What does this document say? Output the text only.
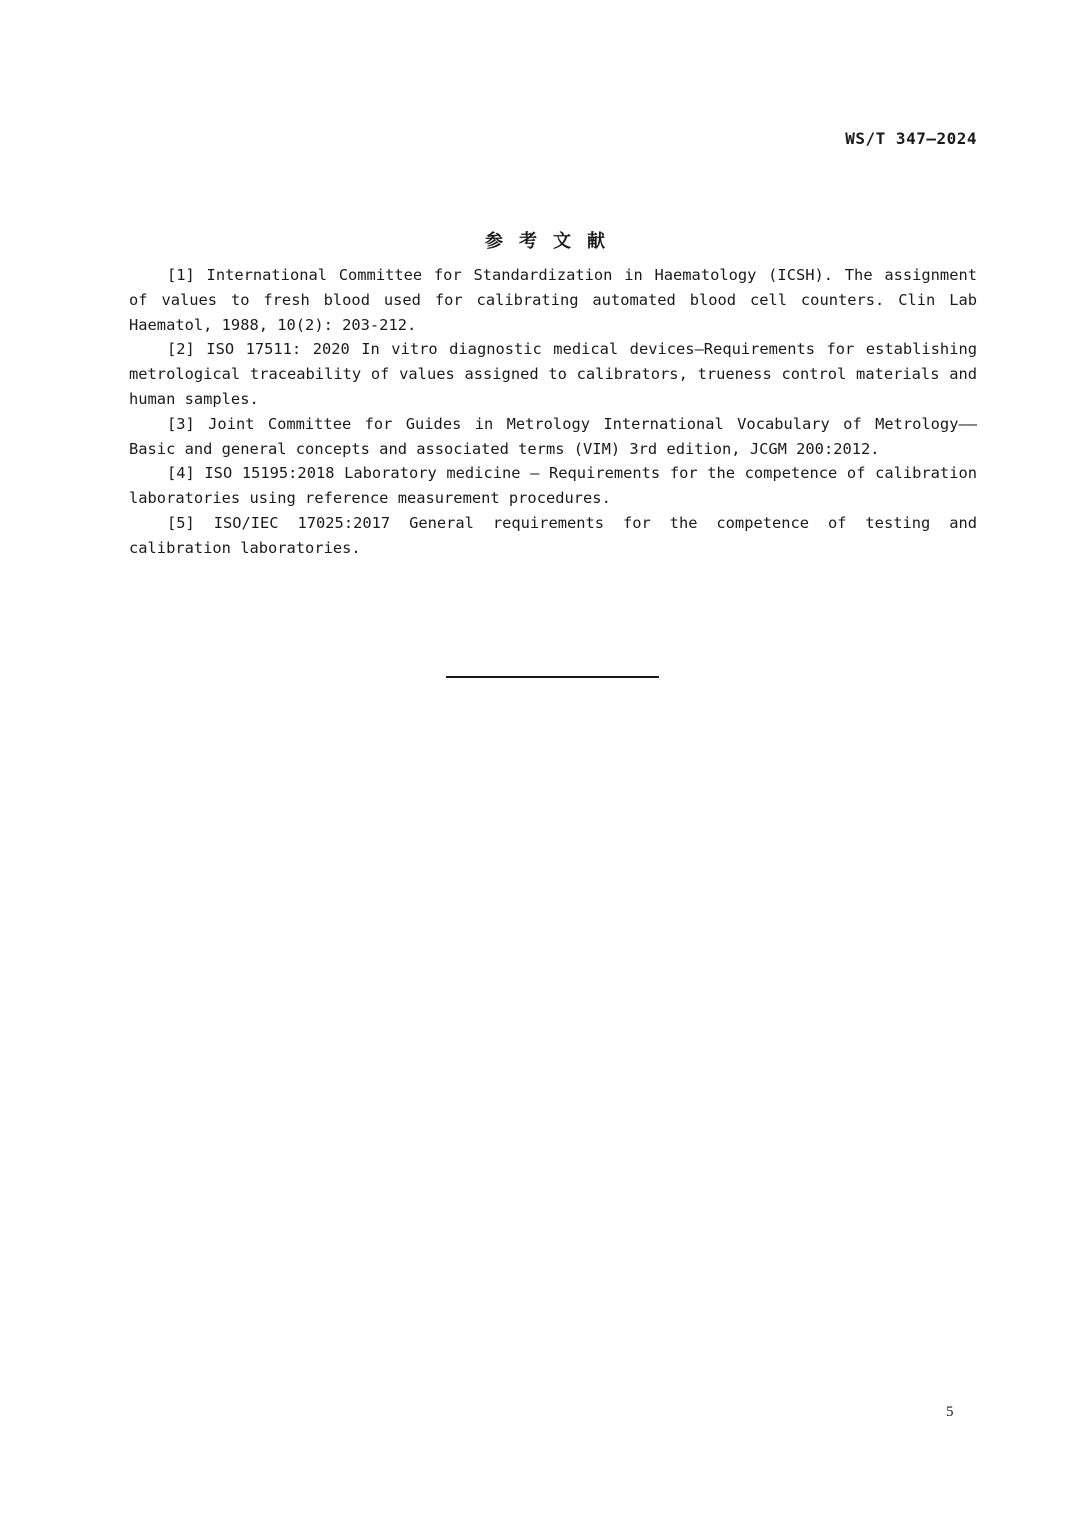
WS/T 347—2024
参考文献
[1] International Committee for Standardization in Haematology (ICSH). The assignment of values to fresh blood used for calibrating automated blood cell counters. Clin Lab Haematol, 1988, 10(2): 203-212.
[2] ISO 17511: 2020 In vitro diagnostic medical devices—Requirements for establishing metrological traceability of values assigned to calibrators, trueness control materials and human samples.
[3] Joint Committee for Guides in Metrology International Vocabulary of Metrology——Basic and general concepts and associated terms (VIM) 3rd edition, JCGM 200:2012.
[4] ISO 15195:2018 Laboratory medicine — Requirements for the competence of calibration laboratories using reference measurement procedures.
[5] ISO/IEC 17025:2017 General requirements for the competence of testing and calibration laboratories.
5
